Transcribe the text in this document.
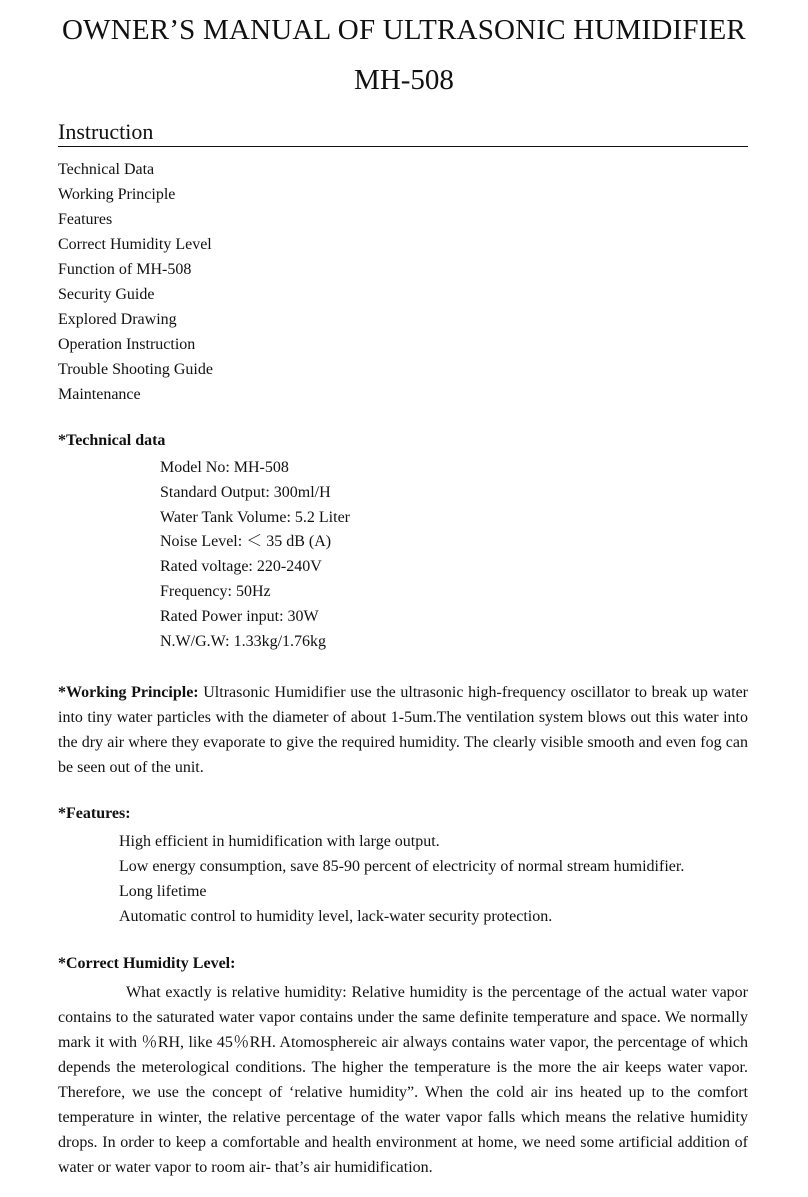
OWNER’S MANUAL OF ULTRASONIC HUMIDIFIER
MH-508
Instruction
Technical Data
Working Principle
Features
Correct Humidity Level
Function of MH-508
Security Guide
Explored Drawing
Operation Instruction
Trouble Shooting Guide
Maintenance
*Technical data
Model No: MH-508
Standard Output: 300ml/H
Water Tank Volume: 5.2 Liter
Noise Level: ＜ 35 dB (A)
Rated voltage: 220-240V
Frequency: 50Hz
Rated Power input: 30W
N.W/G.W: 1.33kg/1.76kg
*Working Principle: Ultrasonic Humidifier use the ultrasonic high-frequency oscillator to break up water into tiny water particles with the diameter of about 1-5um.The ventilation system blows out this water into the dry air where they evaporate to give the required humidity. The clearly visible smooth and even fog can be seen out of the unit.
*Features:
High efficient in humidification with large output.
Low energy consumption, save 85-90 percent of electricity of normal stream humidifier.
Long lifetime
Automatic control to humidity level, lack-water security protection.
*Correct Humidity Level:
What exactly is relative humidity: Relative humidity is the percentage of the actual water vapor contains to the saturated water vapor contains under the same definite temperature and space. We normally mark it with ％RH, like 45％RH. Atomosphereic air always contains water vapor, the percentage of which depends the meterological conditions. The higher the temperature is the more the air keeps water vapor. Therefore, we use the concept of ‘relative humidity”. When the cold air ins heated up to the comfort temperature in winter, the relative percentage of the water vapor falls which means the relative humidity drops. In order to keep a comfortable and health environment at home, we need some artificial addition of water or water vapor to room air- that’s air humidification.
